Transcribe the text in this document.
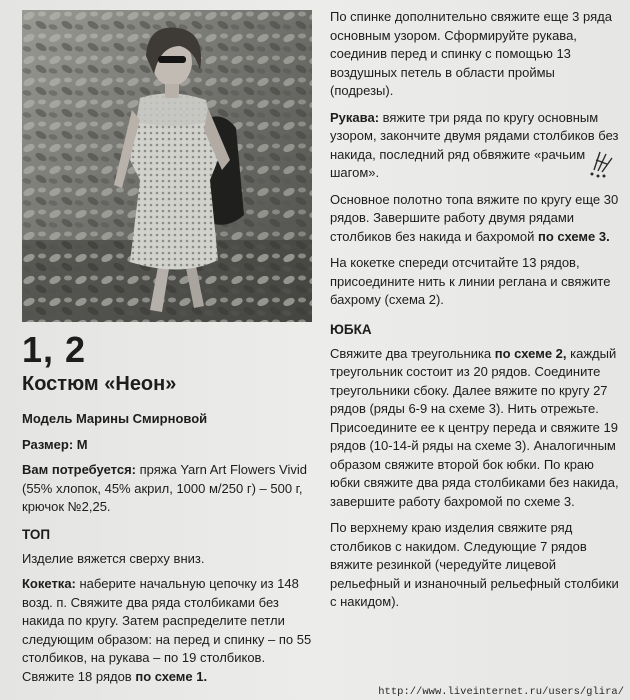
1, 2
Костюм «Неон»

Модель Марины Смирновой

Размер: М

Вам потребуется: пряжа Yarn Art Flowers Vivid (55% хлопок, 45% акрил, 1000 м/250 г) – 500 г, крючок №2,25.

ТОП

Изделие вяжется сверху вниз.

Кокетка: наберите начальную цепочку из 148 возд. п. Свяжите два ряда столбиками без накида по кругу. Затем распределите петли следующим образом: на перед и спинку – по 55 столбиков, на рукава – по 19 столбиков. Свяжите 18 рядов по схеме 1.

По спинке дополнительно свяжите еще 3 ряда основным узором. Сформируйте рукава, соединив перед и спинку с помощью 13 воздушных петель в области проймы (подрезы).

Рукава: вяжите три ряда по кругу основным узором, закончите двумя рядами столбиков без накида, последний ряд обвяжите «рачьим шагом».

Основное полотно топа вяжите по кругу еще 30 рядов. Завершите работу двумя рядами столбиков без накида и бахромой по схеме 3.

На кокетке спереди отсчитайте 13 рядов, присоедините нить к линии реглана и свяжите бахрому (схема 2).

ЮБКА

Свяжите два треугольника по схеме 2, каждый треугольник состоит из 20 рядов. Соедините треугольники сбоку. Далее вяжите по кругу 27 рядов (ряды 6-9 на схеме 3). Нить отрежьте. Присоедините ее к центру переда и свяжите 19 рядов (10-14-й ряды на схеме 3). Аналогичным образом свяжите второй бок юбки. По краю юбки свяжите два ряда столбиками без накида, завершите работу бахромой по схеме 3.

По верхнему краю изделия свяжите ряд столбиков с накидом. Следующие 7 рядов вяжите резинкой (чередуйте лицевой рельефный и изнаночный рельефный столбики с накидом).

http://www.liveinternet.ru/users/glira/
